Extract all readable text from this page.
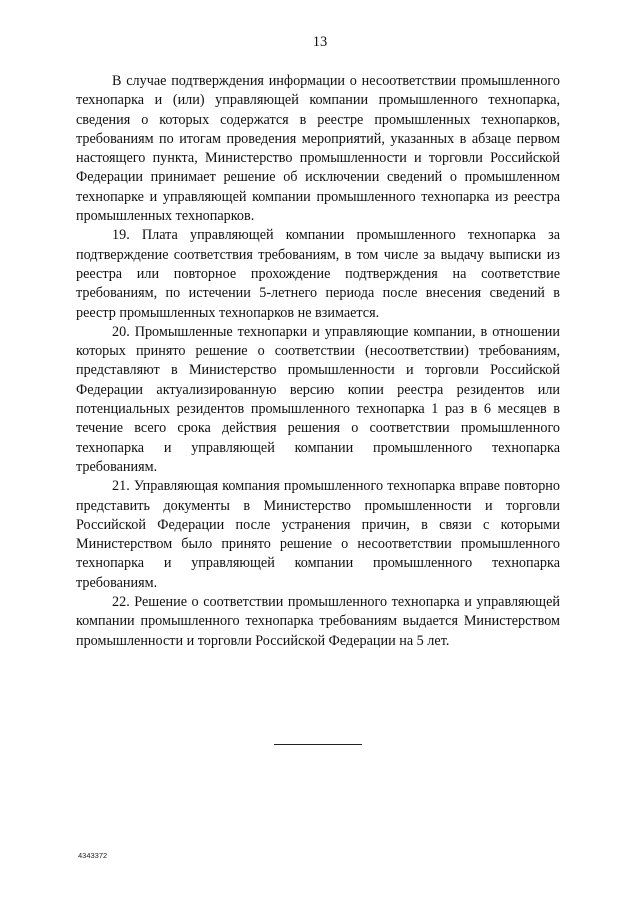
13

В случае подтверждения информации о несоответствии промышленного технопарка и (или) управляющей компании промышленного технопарка, сведения о которых содержатся в реестре промышленных технопарков, требованиям по итогам проведения мероприятий, указанных в абзаце первом настоящего пункта, Министерство промышленности и торговли Российской Федерации принимает решение об исключении сведений о промышленном технопарке и управляющей компании промышленного технопарка из реестра промышленных технопарков.

19. Плата управляющей компании промышленного технопарка за подтверждение соответствия требованиям, в том числе за выдачу выписки из реестра или повторное прохождение подтверждения на соответствие требованиям, по истечении 5-летнего периода после внесения сведений в реестр промышленных технопарков не взимается.

20. Промышленные технопарки и управляющие компании, в отношении которых принято решение о соответствии (несоответствии) требованиям, представляют в Министерство промышленности и торговли Российской Федерации актуализированную версию копии реестра резидентов или потенциальных резидентов промышленного технопарка 1 раз в 6 месяцев в течение всего срока действия решения о соответствии промышленного технопарка и управляющей компании промышленного технопарка требованиям.

21. Управляющая компания промышленного технопарка вправе повторно представить документы в Министерство промышленности и торговли Российской Федерации после устранения причин, в связи с которыми Министерством было принято решение о несоответствии промышленного технопарка и управляющей компании промышленного технопарка требованиям.

22. Решение о соответствии промышленного технопарка и управляющей компании промышленного технопарка требованиям выдается Министерством промышленности и торговли Российской Федерации на 5 лет.

4343372
